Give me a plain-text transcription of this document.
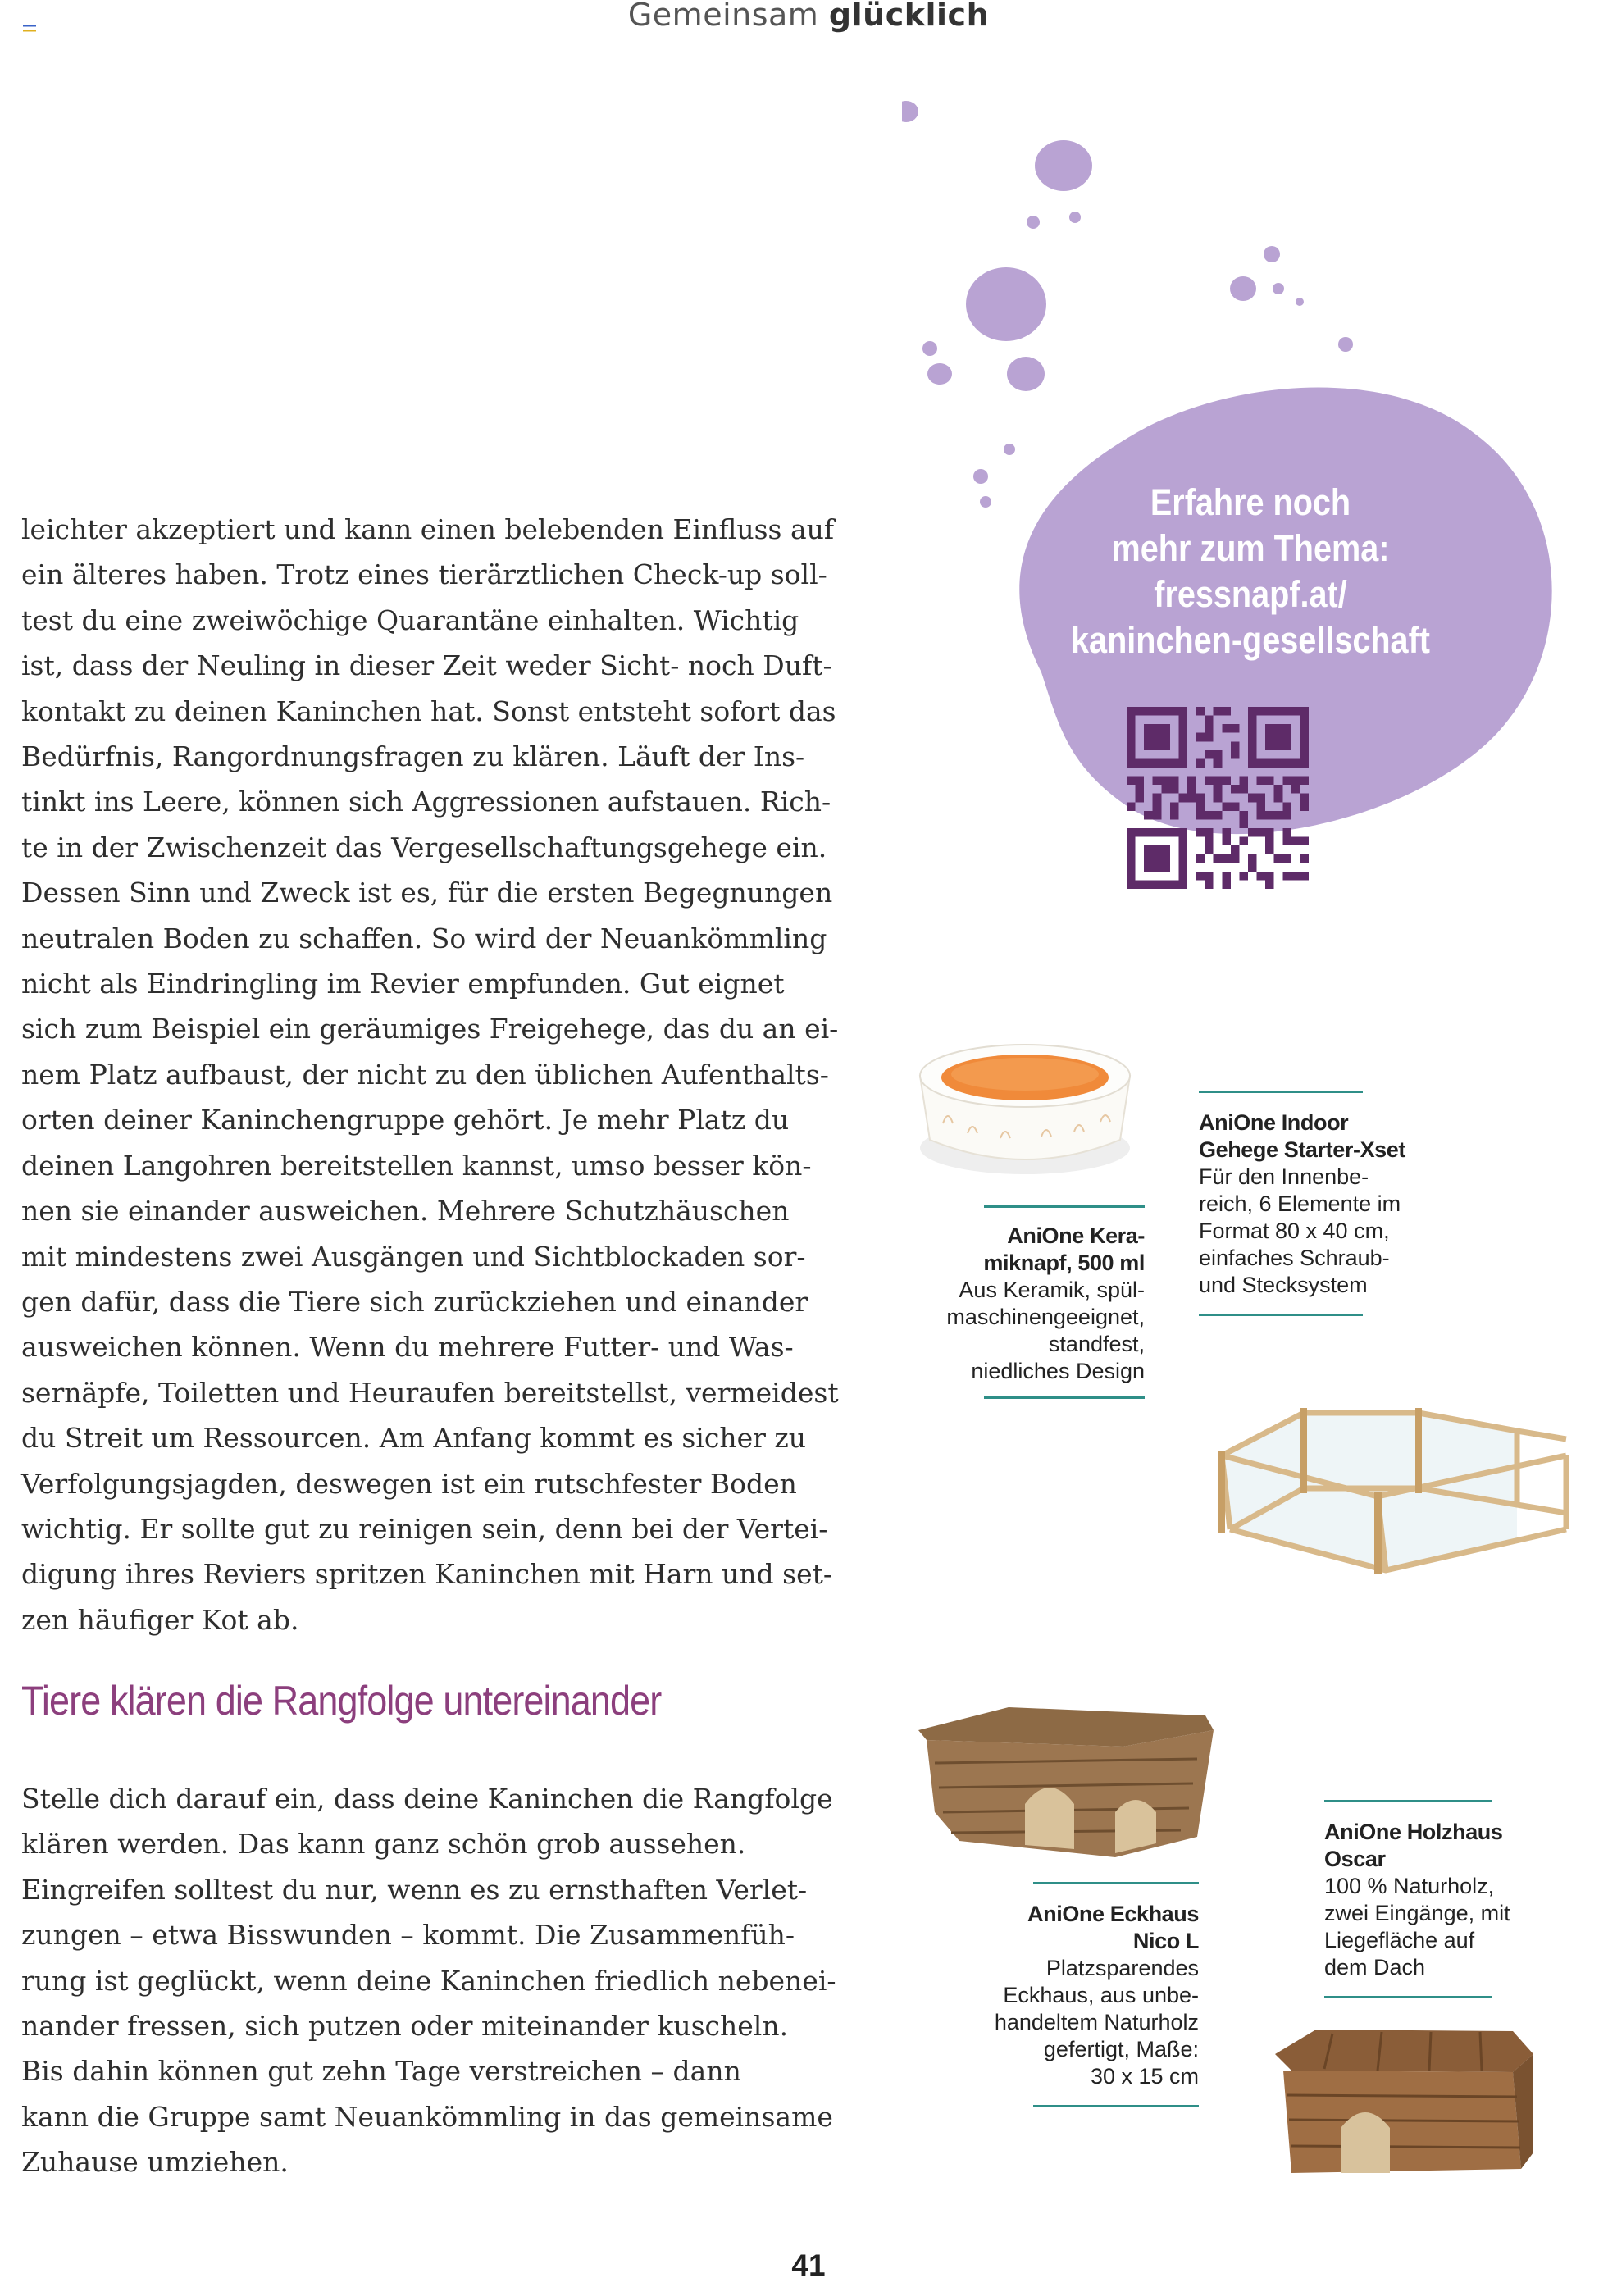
Gemeinsam glücklich
Erfahre noch
mehr zum Thema:
fressnapf.at/
kaninchen-gesellschaft

leichter akzeptiert und kann einen belebenden Einfluss auf
ein älteres haben. Trotz eines tierärztlichen Check-up soll-
test du eine zweiwöchige Quarantäne einhalten. Wichtig
ist, dass der Neuling in dieser Zeit weder Sicht- noch Duft-
kontakt zu deinen Kaninchen hat. Sonst entsteht sofort das
Bedürfnis, Rangordnungsfragen zu klären. Läuft der Ins-
tinkt ins Leere, können sich Aggressionen aufstauen. Rich-
te in der Zwischenzeit das Vergesellschaftungsgehege ein.
Dessen Sinn und Zweck ist es, für die ersten Begegnungen
neutralen Boden zu schaffen. So wird der Neuankömmling
nicht als Eindringling im Revier empfunden. Gut eignet
sich zum Beispiel ein geräumiges Freigehege, das du an ei-
nem Platz aufbaust, der nicht zu den üblichen Aufenthalts-
orten deiner Kaninchengruppe gehört. Je mehr Platz du
deinen Langohren bereitstellen kannst, umso besser kön-
nen sie einander ausweichen. Mehrere Schutzhäuschen
mit mindestens zwei Ausgängen und Sichtblockaden sor-
gen dafür, dass die Tiere sich zurückziehen und einander
ausweichen können. Wenn du mehrere Futter- und Was-
sernäpfe, Toiletten und Heuraufen bereitstellst, vermeidest
du Streit um Ressourcen. Am Anfang kommt es sicher zu
Verfolgungsjagden, deswegen ist ein rutschfester Boden
wichtig. Er sollte gut zu reinigen sein, denn bei der Vertei-
digung ihres Reviers spritzen Kaninchen mit Harn und set-
zen häufiger Kot ab.

Tiere klären die Rangfolge untereinander

Stelle dich darauf ein, dass deine Kaninchen die Rangfolge
klären werden. Das kann ganz schön grob aussehen.
Eingreifen solltest du nur, wenn es zu ernsthaften Verlet-
zungen – etwa Bisswunden – kommt. Die Zusammenfüh-
rung ist geglückt, wenn deine Kaninchen friedlich nebenei-
nander fressen, sich putzen oder miteinander kuscheln.
Bis dahin können gut zehn Tage verstreichen – dann
kann die Gruppe samt Neuankömmling in das gemeinsame
Zuhause umziehen.

AniOne Kera-
miknapf, 500 ml
Aus Keramik, spül-
maschinengeeignet,
standfest,
niedliches Design
AniOne Indoor
Gehege Starter-Xset
Für den Innenbe-
reich, 6 Elemente im
Format 80 x 40 cm,
einfaches Schraub-
und Stecksystem
AniOne Eckhaus
Nico L
Platzsparendes
Eckhaus, aus unbe-
handeltem Naturholz
gefertigt, Maße:
30 x 15 cm
AniOne Holzhaus
Oscar
100 % Naturholz,
zwei Eingänge, mit
Liegefläche auf
dem Dach
41
